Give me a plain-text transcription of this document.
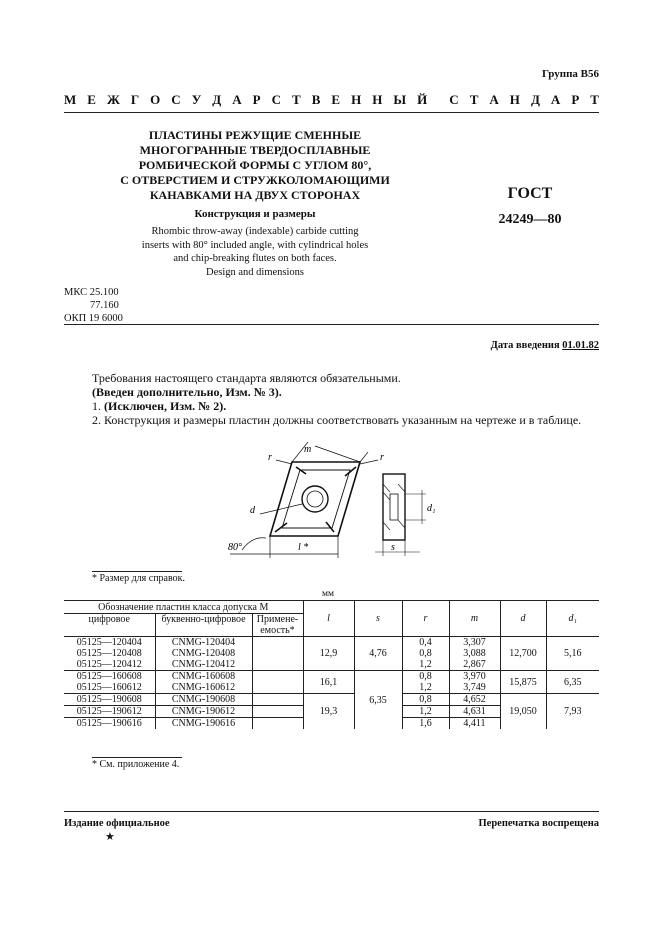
Группа В56
М Е Ж Г О С У Д А Р С Т В Е Н Н Ы Й С Т А Н Д А Р Т
ПЛАСТИНЫ РЕЖУЩИЕ СМЕННЫЕ
МНОГОГРАННЫЕ ТВЕРДОСПЛАВНЫЕ
РОМБИЧЕСКОЙ ФОРМЫ С УГЛОМ 80°,
С ОТВЕРСТИЕМ И СТРУЖКОЛОМАЮЩИМИ
КАНАВКАМИ НА ДВУХ СТОРОНАХ
Конструкция и размеры
Rhombic throw-away (indexable) carbide cutting
inserts with 80° included angle, with cylindrical holes
and chip-breaking flutes on both faces.
Design and dimensions
ГОСТ
24249—80
МКС 25.100
77.160
ОКП 19 6000
Дата введения 01.01.82

Требования настоящего стандарта являются обязательными.

(Введен дополнительно, Изм. № 3).

1. (Исключен, Изм. № 2).

2. Конструкция и размеры пластин должны соответствовать указанным на чертеже и в таблице.

r
m
r
d
l *
80°
d₁
s
* Размер для справок.
мм
Обозначение пластин класса допуска М			l	s	r	m	d	d₁
цифровое	буквенно-цифровое	Примене-						
		емость*						
05125—120404	CNMG-120404		12,9	4,76	0,4	3,307	12,700	5,16
05125—120408	CNMG-120408				0,8	3,088		
05125—120412	CNMG-120412				1,2	2,867		
05125—160608	CNMG-160608		16,1	6,35	0,8	3,970	15,875	6,35
05125—160612	CNMG-160612				1,2	3,749		
05125—190608	CNMG-190608		19,3		0,8	4,652	19,050	7,93
05125—190612	CNMG-190612				1,2	4,631		
05125—190616	CNMG-190616				1,6	4,411		
* См. приложение 4.
Издание официальное
★
Перепечатка воспрещена
